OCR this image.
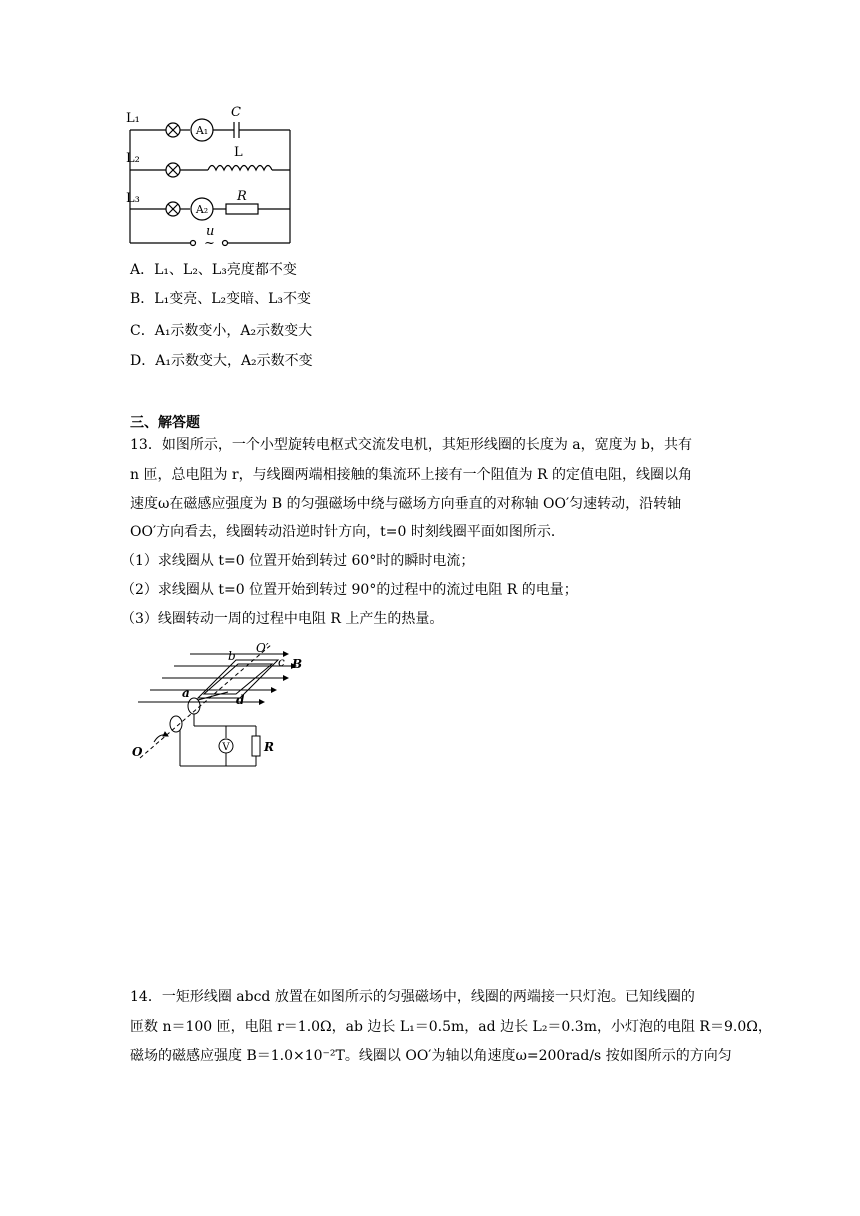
L₁
L₂
L₃
A₁
A₂
C
L
R
u
~
A．L₁、L₂、L₃亮度都不变
B．L₁变亮、L₂变暗、L₃不变
C．A₁示数变小，A₂示数变大
D．A₁示数变大，A₂示数不变
三、解答题
13．如图所示，一个小型旋转电枢式交流发电机，其矩形线圈的长度为 a，宽度为 b，共有
n 匝，总电阻为 r，与线圈两端相接触的集流环上接有一个阻值为 R 的定值电阻，线圈以角
速度ω在磁感应强度为 B 的匀强磁场中绕与磁场方向垂直的对称轴 OO′匀速转动，沿转轴
OO′方向看去，线圈转动沿逆时针方向，t=0 时刻线圈平面如图所示．
（1）求线圈从 t=0 位置开始到转过 60°时的瞬时电流；
（2）求线圈从 t=0 位置开始到转过 90°的过程中的流过电阻 R 的电量；
（3）线圈转动一周的过程中电阻 R 上产生的热量。
O′
b	c B
a	d
V	R
O
14．一矩形线圈 abcd 放置在如图所示的匀强磁场中，线圈的两端接一只灯泡。已知线圈的
匝数 n＝100 匝，电阻 r＝1.0Ω，ab 边长 L₁＝0.5m，ad 边长 L₂＝0.3m，小灯泡的电阻 R＝9.0Ω，
磁场的磁感应强度 B＝1.0×10⁻²T。线圈以 OO′为轴以角速度ω=200rad/s 按如图所示的方向匀
